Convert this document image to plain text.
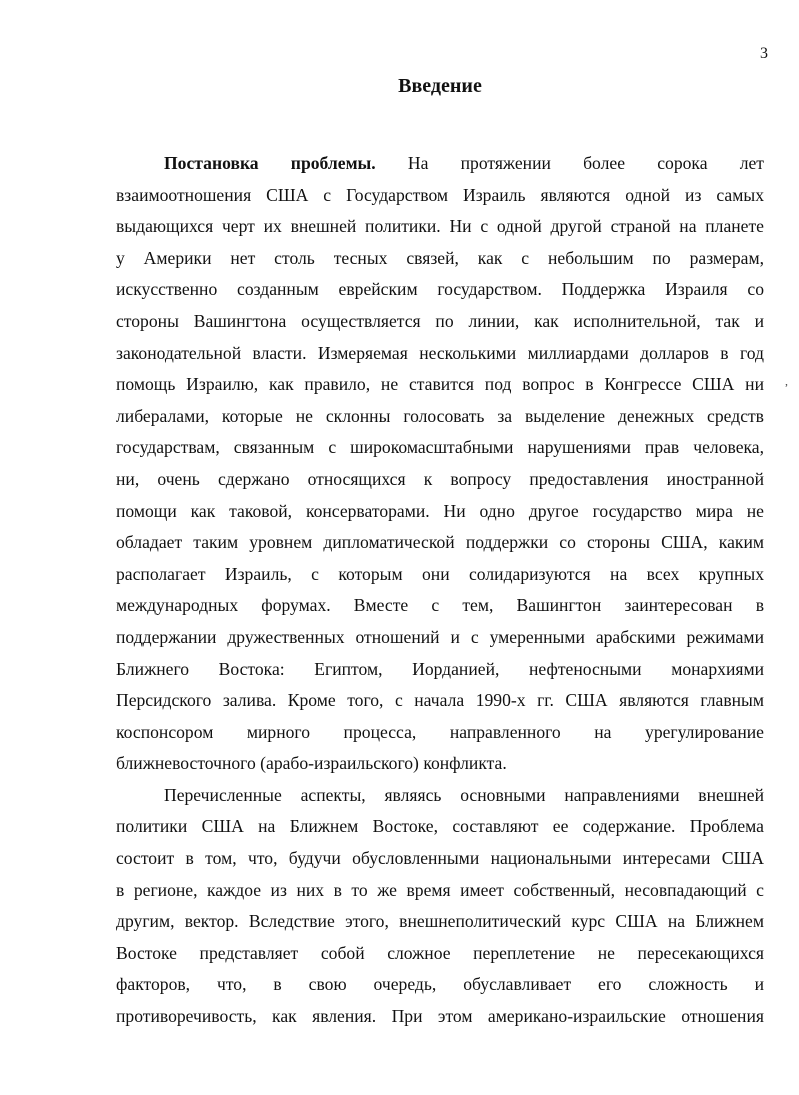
3
Введение
,
Постановка проблемы. На протяжении более сорока лет
взаимоотношения США с Государством Израиль являются одной из самых
выдающихся черт их внешней политики. Ни с одной другой страной на планете
у Америки нет столь тесных связей, как с небольшим по размерам,
искусственно созданным еврейским государством. Поддержка Израиля со
стороны Вашингтона осуществляется по линии, как исполнительной, так и
законодательной власти. Измеряемая несколькими миллиардами долларов в год
помощь Израилю, как правило, не ставится под вопрос в Конгрессе США ни
либералами, которые не склонны голосовать за выделение денежных средств
государствам, связанным с широкомасштабными нарушениями прав человека,
ни, очень сдержано относящихся к вопросу предоставления иностранной
помощи как таковой, консерваторами. Ни одно другое государство мира не
обладает таким уровнем дипломатической поддержки со стороны США, каким
располагает Израиль, с которым они солидаризуются на всех крупных
международных форумах. Вместе с тем, Вашингтон заинтересован в
поддержании дружественных отношений и с умеренными арабскими режимами
Ближнего Востока: Египтом, Иорданией, нефтеносными монархиями
Персидского залива. Кроме того, с начала 1990-х гг. США являются главным
коспонсором мирного процесса, направленного на урегулирование
ближневосточного (арабо-израильского) конфликта.
Перечисленные аспекты, являясь основными направлениями внешней
политики США на Ближнем Востоке, составляют ее содержание. Проблема
состоит в том, что, будучи обусловленными национальными интересами США
в регионе, каждое из них в то же время имеет собственный, несовпадающий с
другим, вектор. Вследствие этого, внешнеполитический курс США на Ближнем
Востоке представляет собой сложное переплетение не пересекающихся
факторов, что, в свою очередь, обуславливает его сложность и
противоречивость, как явления. При этом американо-израильские отношения
